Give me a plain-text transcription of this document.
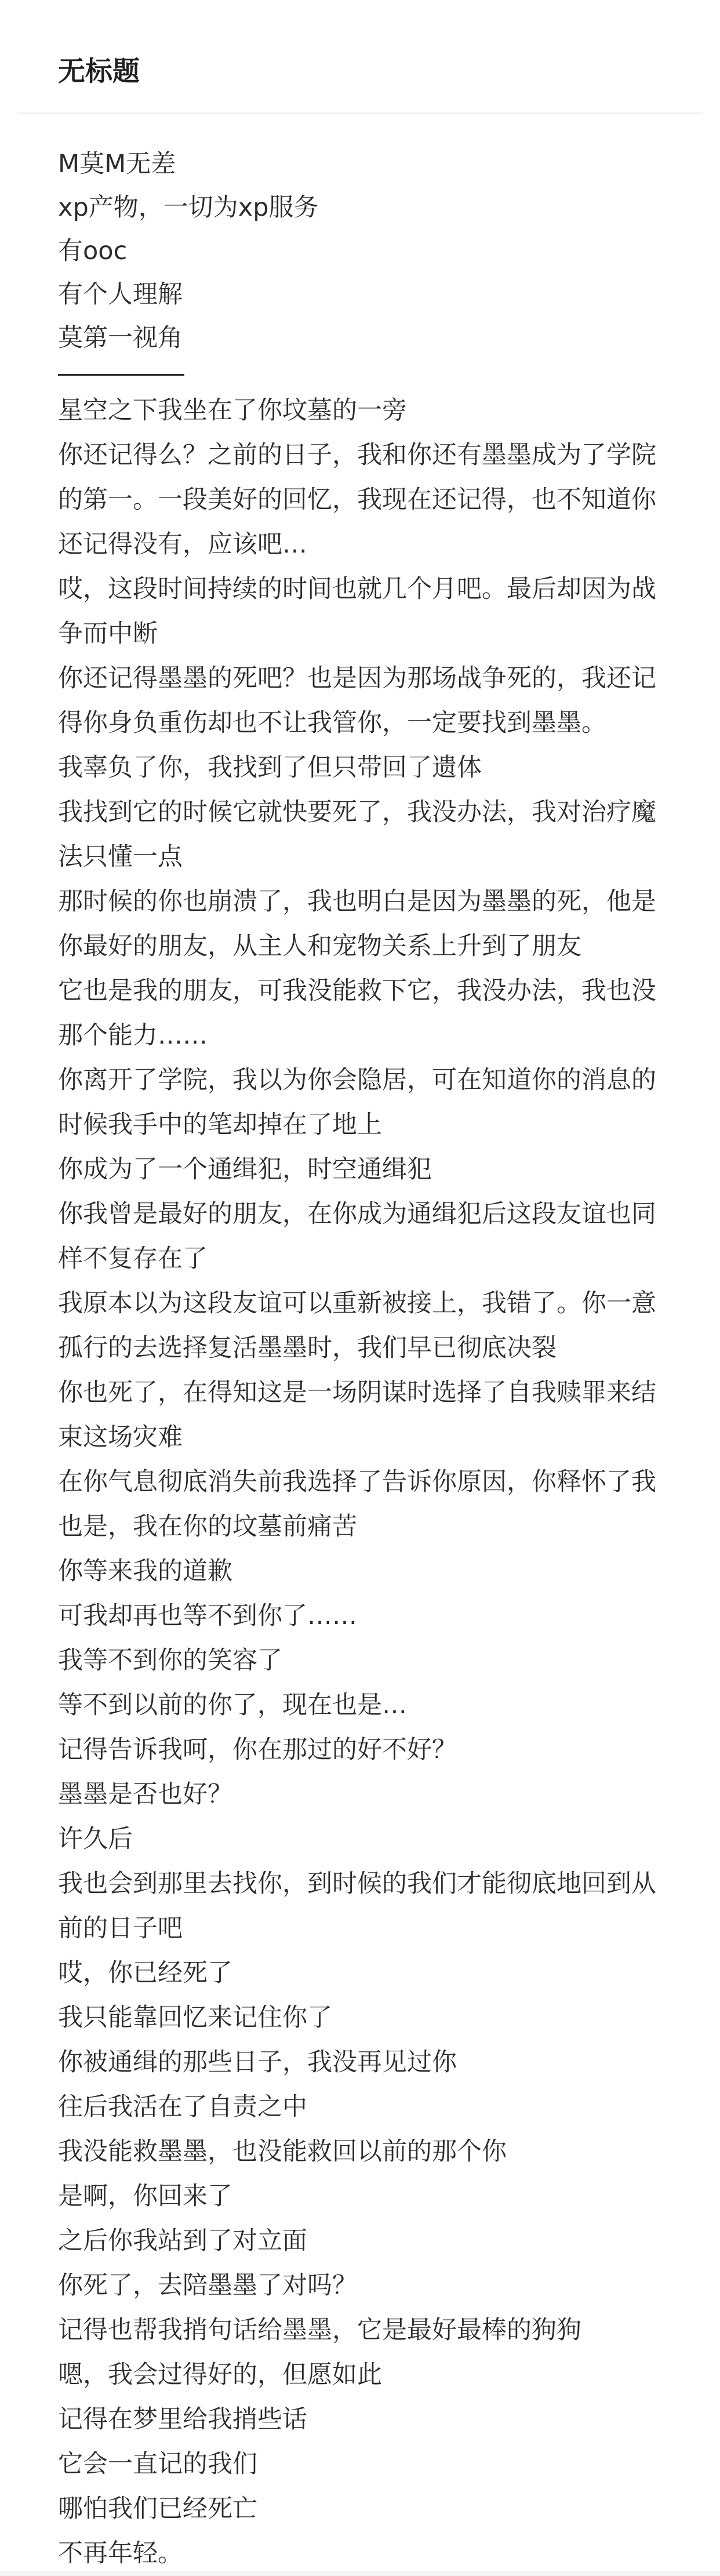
无标题
M莫M无差
xp产物，一切为xp服务
有ooc
有个人理解
莫第一视角
星空之下我坐在了你坟墓的一旁
你还记得么？之前的日子，我和你还有墨墨成为了学院的第一。一段美好的回忆，我现在还记得，也不知道你还记得没有，应该吧…
哎，这段时间持续的时间也就几个月吧。最后却因为战争而中断
你还记得墨墨的死吧？也是因为那场战争死的，我还记得你身负重伤却也不让我管你，一定要找到墨墨。
我辜负了你，我找到了但只带回了遗体
我找到它的时候它就快要死了，我没办法，我对治疗魔法只懂一点
那时候的你也崩溃了，我也明白是因为墨墨的死，他是你最好的朋友，从主人和宠物关系上升到了朋友
它也是我的朋友，可我没能救下它，我没办法，我也没那个能力……
你离开了学院，我以为你会隐居，可在知道你的消息的时候我手中的笔却掉在了地上
你成为了一个通缉犯，时空通缉犯
你我曾是最好的朋友，在你成为通缉犯后这段友谊也同样不复存在了
我原本以为这段友谊可以重新被接上，我错了。你一意孤行的去选择复活墨墨时，我们早已彻底决裂
你也死了，在得知这是一场阴谋时选择了自我赎罪来结束这场灾难
在你气息彻底消失前我选择了告诉你原因，你释怀了我也是，我在你的坟墓前痛苦
你等来我的道歉
可我却再也等不到你了……
我等不到你的笑容了
等不到以前的你了，现在也是…
记得告诉我呵，你在那过的好不好？
墨墨是否也好？
许久后
我也会到那里去找你，到时候的我们才能彻底地回到从前的日子吧
哎，你已经死了
我只能靠回忆来记住你了
你被通缉的那些日子，我没再见过你
往后我活在了自责之中
我没能救墨墨，也没能救回以前的那个你
是啊，你回来了
之后你我站到了对立面
你死了，去陪墨墨了对吗？
记得也帮我捎句话给墨墨，它是最好最棒的狗狗
嗯，我会过得好的，但愿如此
记得在梦里给我捎些话
它会一直记的我们
哪怕我们已经死亡
不再年轻。
